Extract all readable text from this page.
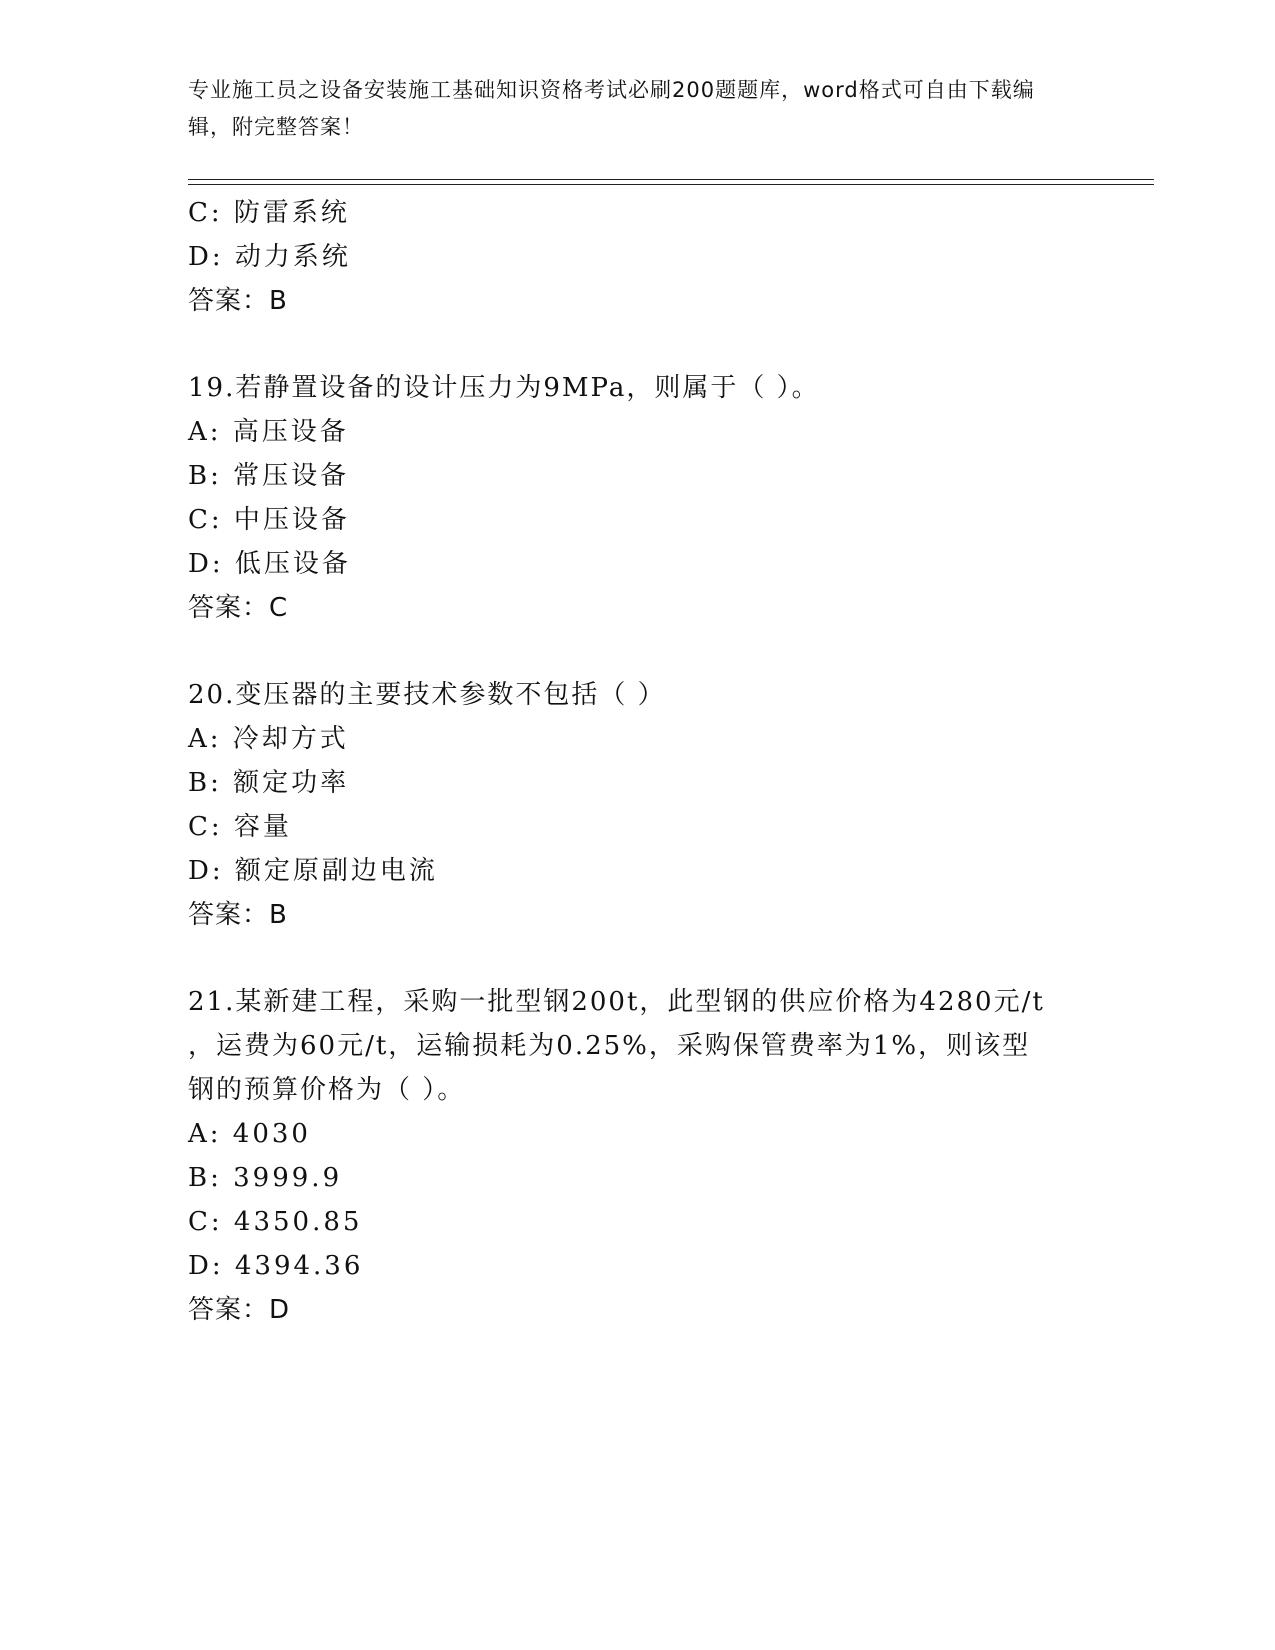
专业施工员之设备安装施工基础知识资格考试必刷200题题库，word格式可自由下载编辑，附完整答案！
C: 防雷系统
D: 动力系统
答案：B
19.若静置设备的设计压力为9MPa，则属于（ ）。
A: 高压设备
B: 常压设备
C: 中压设备
D: 低压设备
答案：C
20.变压器的主要技术参数不包括（ ）
A: 冷却方式
B: 额定功率
C: 容量
D: 额定原副边电流
答案：B
21.某新建工程，采购一批型钢200t，此型钢的供应价格为4280元/t
，运费为60元/t，运输损耗为0.25%，采购保管费率为1%，则该型
钢的预算价格为（ ）。
A: 4030
B: 3999.9
C: 4350.85
D: 4394.36
答案：D
